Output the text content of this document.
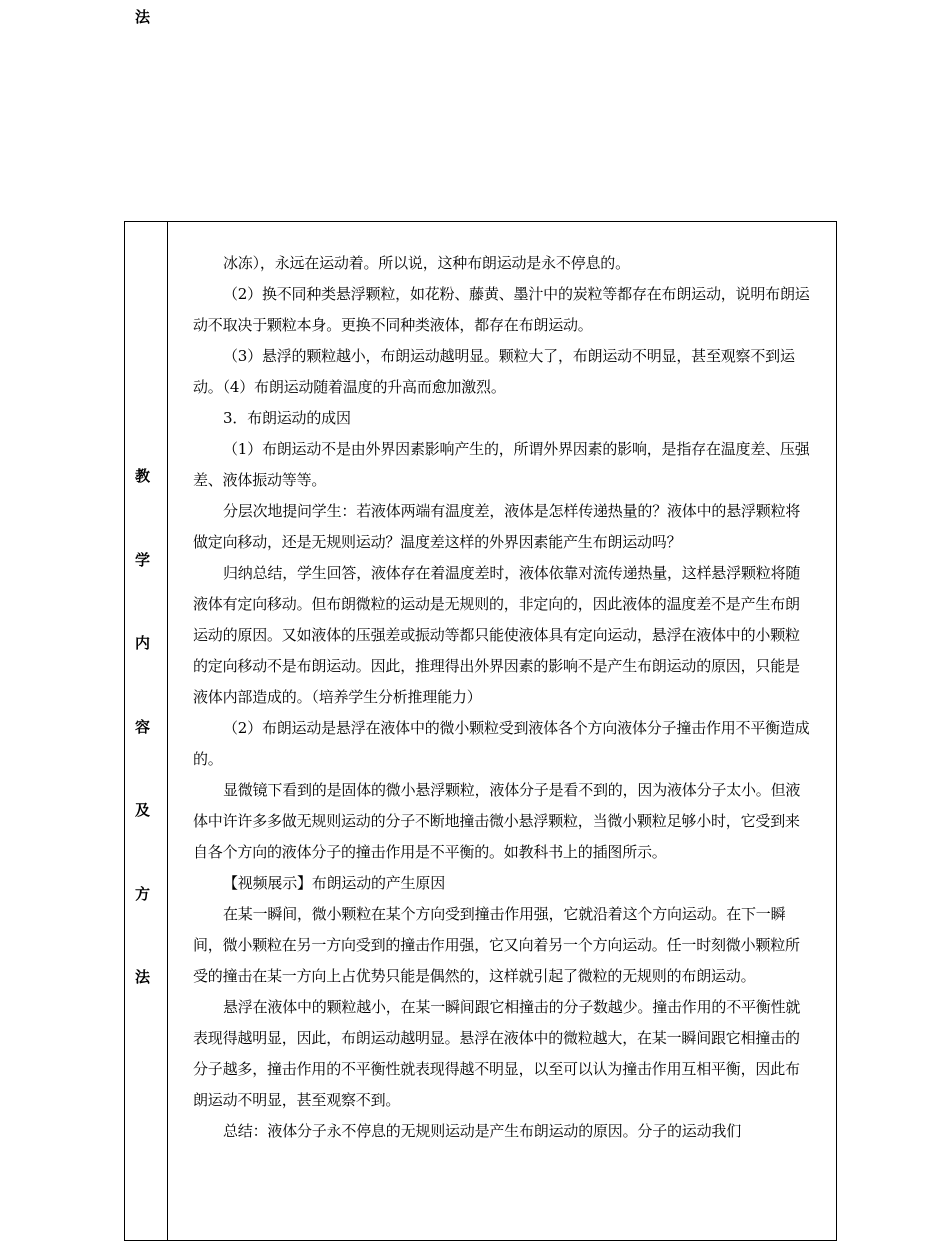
法
教
学
内
容
及
方
法

冰冻），永远在运动着。所以说，这种布朗运动是永不停息的。

（2）换不同种类悬浮颗粒，如花粉、藤黄、墨汁中的炭粒等都存在布朗运动，说明布朗运动不取决于颗粒本身。更换不同种类液体，都存在布朗运动。

（3）悬浮的颗粒越小，布朗运动越明显。颗粒大了，布朗运动不明显，甚至观察不到运动。（4）布朗运动随着温度的升高而愈加激烈。

3．布朗运动的成因

（1）布朗运动不是由外界因素影响产生的，所谓外界因素的影响，是指存在温度差、压强差、液体振动等等。

分层次地提问学生：若液体两端有温度差，液体是怎样传递热量的？液体中的悬浮颗粒将做定向移动，还是无规则运动？温度差这样的外界因素能产生布朗运动吗？

归纳总结，学生回答，液体存在着温度差时，液体依靠对流传递热量，这样悬浮颗粒将随液体有定向移动。但布朗微粒的运动是无规则的，非定向的，因此液体的温度差不是产生布朗运动的原因。又如液体的压强差或振动等都只能使液体具有定向运动，悬浮在液体中的小颗粒的定向移动不是布朗运动。因此，推理得出外界因素的影响不是产生布朗运动的原因，只能是液体内部造成的。（培养学生分析推理能力）

（2）布朗运动是悬浮在液体中的微小颗粒受到液体各个方向液体分子撞击作用不平衡造成的。

显微镜下看到的是固体的微小悬浮颗粒，液体分子是看不到的，因为液体分子太小。但液体中许许多多做无规则运动的分子不断地撞击微小悬浮颗粒，当微小颗粒足够小时，它受到来自各个方向的液体分子的撞击作用是不平衡的。如教科书上的插图所示。

【视频展示】布朗运动的产生原因

在某一瞬间，微小颗粒在某个方向受到撞击作用强，它就沿着这个方向运动。在下一瞬间，微小颗粒在另一方向受到的撞击作用强，它又向着另一个方向运动。任一时刻微小颗粒所受的撞击在某一方向上占优势只能是偶然的，这样就引起了微粒的无规则的布朗运动。

悬浮在液体中的颗粒越小，在某一瞬间跟它相撞击的分子数越少。撞击作用的不平衡性就表现得越明显，因此，布朗运动越明显。悬浮在液体中的微粒越大，在某一瞬间跟它相撞击的分子越多，撞击作用的不平衡性就表现得越不明显，以至可以认为撞击作用互相平衡，因此布朗运动不明显，甚至观察不到。

总结：液体分子永不停息的无规则运动是产生布朗运动的原因。分子的运动我们
